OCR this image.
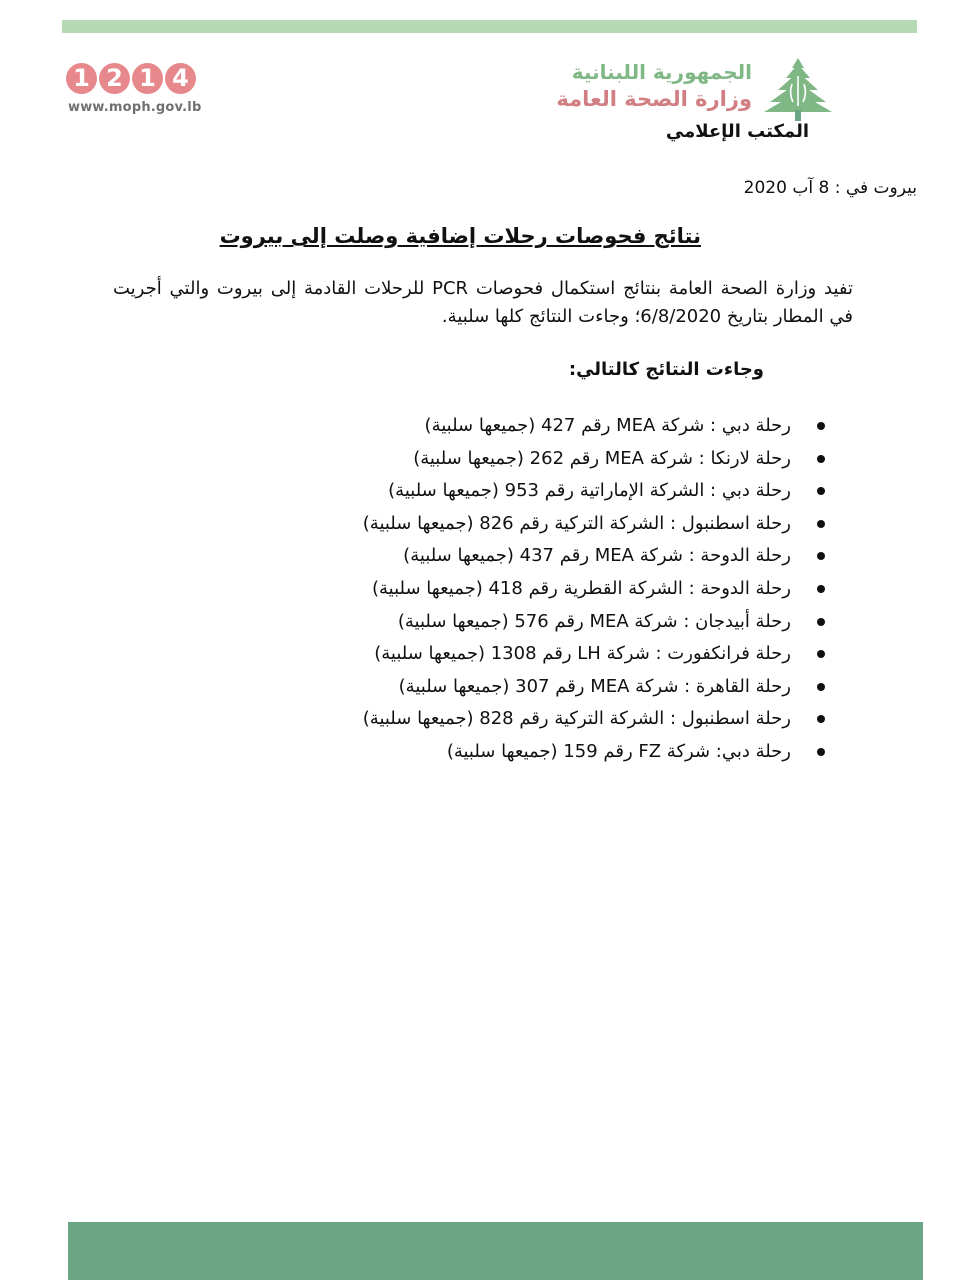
1 2 1 4
www.moph.gov.lb
الجمهورية اللبنانية
وزارة الصحة العامة
المكتب الإعلامي
بيروت في : 8 آب 2020
نتائج فحوصات رحلات إضافية وصلت إلى بيروت
تفيد وزارة الصحة العامة بنتائج استكمال فحوصات PCR للرحلات القادمة إلى بيروت والتي أجريت في المطار بتاريخ 6/8/2020؛ وجاءت النتائج كلها سلبية.
وجاءت النتائج كالتالي:
رحلة دبي : شركة MEA رقم 427 (جميعها سلبية)
رحلة لارنكا : شركة MEA رقم 262 (جميعها سلبية)
رحلة دبي : الشركة الإماراتية رقم 953 (جميعها سلبية)
رحلة اسطنبول : الشركة التركية رقم 826 (جميعها سلبية)
رحلة الدوحة : شركة MEA رقم 437 (جميعها سلبية)
رحلة الدوحة : الشركة القطرية رقم 418 (جميعها سلبية)
رحلة أبيدجان : شركة MEA رقم 576 (جميعها سلبية)
رحلة فرانكفورت : شركة LH رقم 1308 (جميعها سلبية)
رحلة القاهرة : شركة MEA رقم 307 (جميعها سلبية)
رحلة اسطنبول : الشركة التركية رقم 828 (جميعها سلبية)
رحلة دبي: شركة FZ رقم 159 (جميعها سلبية)
